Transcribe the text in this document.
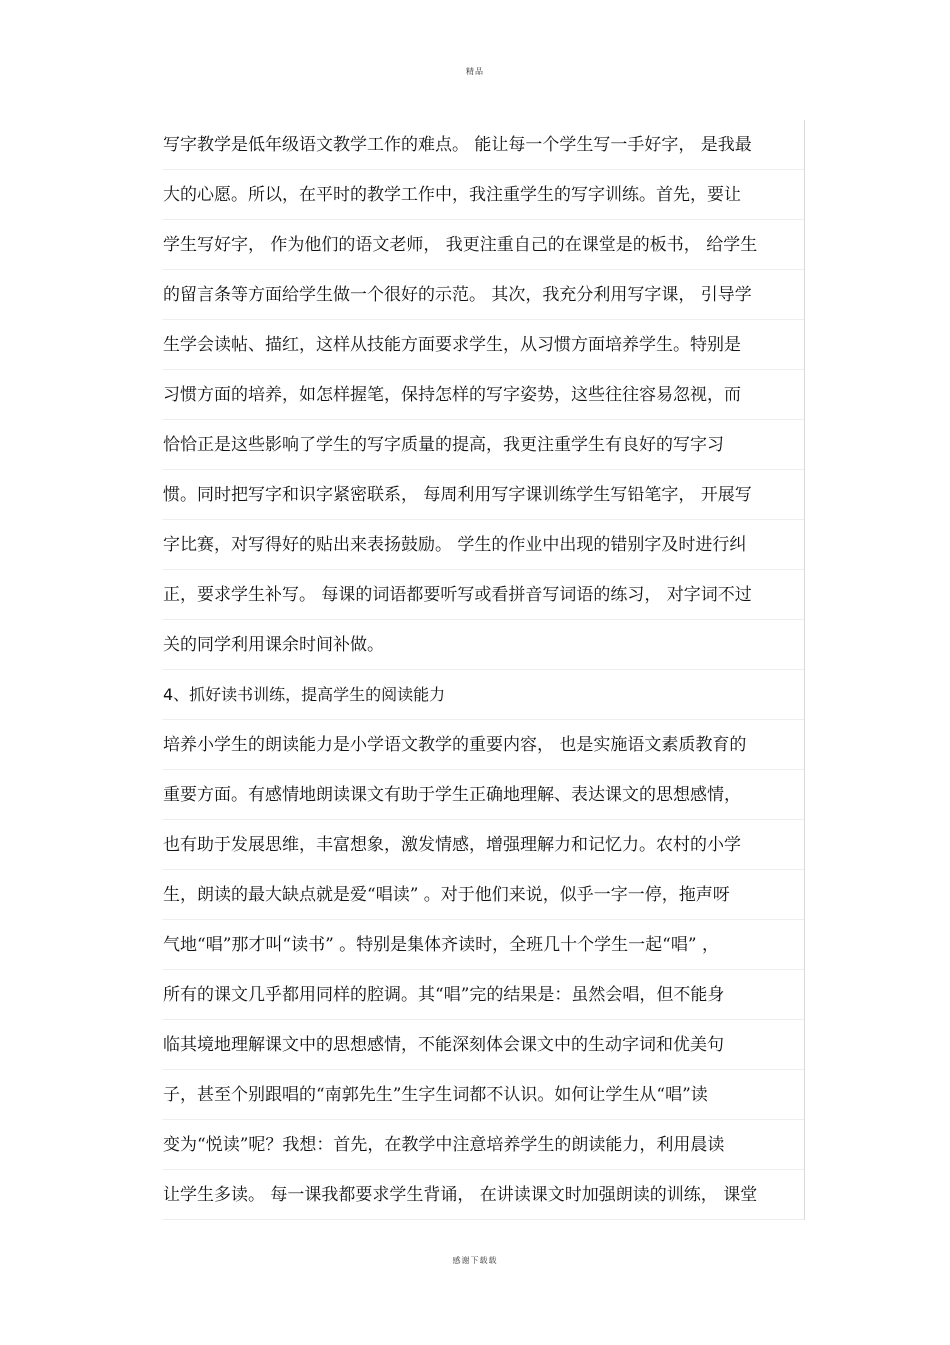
精品
写字教学是低年级语文教学工作的难点。 能让每一个学生写一手好字， 是我最
大的心愿。所以，在平时的教学工作中，我注重学生的写字训练。首先，要让
学生写好字， 作为他们的语文老师， 我更注重自己的在课堂是的板书， 给学生
的留言条等方面给学生做一个很好的示范。 其次，我充分利用写字课， 引导学
生学会读帖、描红，这样从技能方面要求学生，从习惯方面培养学生。特别是
习惯方面的培养，如怎样握笔，保持怎样的写字姿势，这些往往容易忽视，而
恰恰正是这些影响了学生的写字质量的提高，我更注重学生有良好的写字习
惯。同时把写字和识字紧密联系， 每周利用写字课训练学生写铅笔字， 开展写
字比赛，对写得好的贴出来表扬鼓励。 学生的作业中出现的错别字及时进行纠
正，要求学生补写。 每课的词语都要听写或看拼音写词语的练习， 对字词不过
关的同学利用课余时间补做。
4、抓好读书训练，提高学生的阅读能力
培养小学生的朗读能力是小学语文教学的重要内容， 也是实施语文素质教育的
重要方面。有感情地朗读课文有助于学生正确地理解、表达课文的思想感情，
也有助于发展思维，丰富想象，激发情感，增强理解力和记忆力。农村的小学
生，朗读的最大缺点就是爱“唱读” 。对于他们来说，似乎一字一停，拖声呀
气地“唱”那才叫“读书” 。特别是集体齐读时，全班几十个学生一起“唱” ，
所有的课文几乎都用同样的腔调。其“唱”完的结果是：虽然会唱，但不能身
临其境地理解课文中的思想感情，不能深刻体会课文中的生动字词和优美句
子，甚至个别跟唱的“南郭先生”生字生词都不认识。如何让学生从“唱”读
变为“悦读”呢？我想：首先，在教学中注意培养学生的朗读能力，利用晨读
让学生多读。 每一课我都要求学生背诵， 在讲读课文时加强朗读的训练， 课堂
感谢下载载
